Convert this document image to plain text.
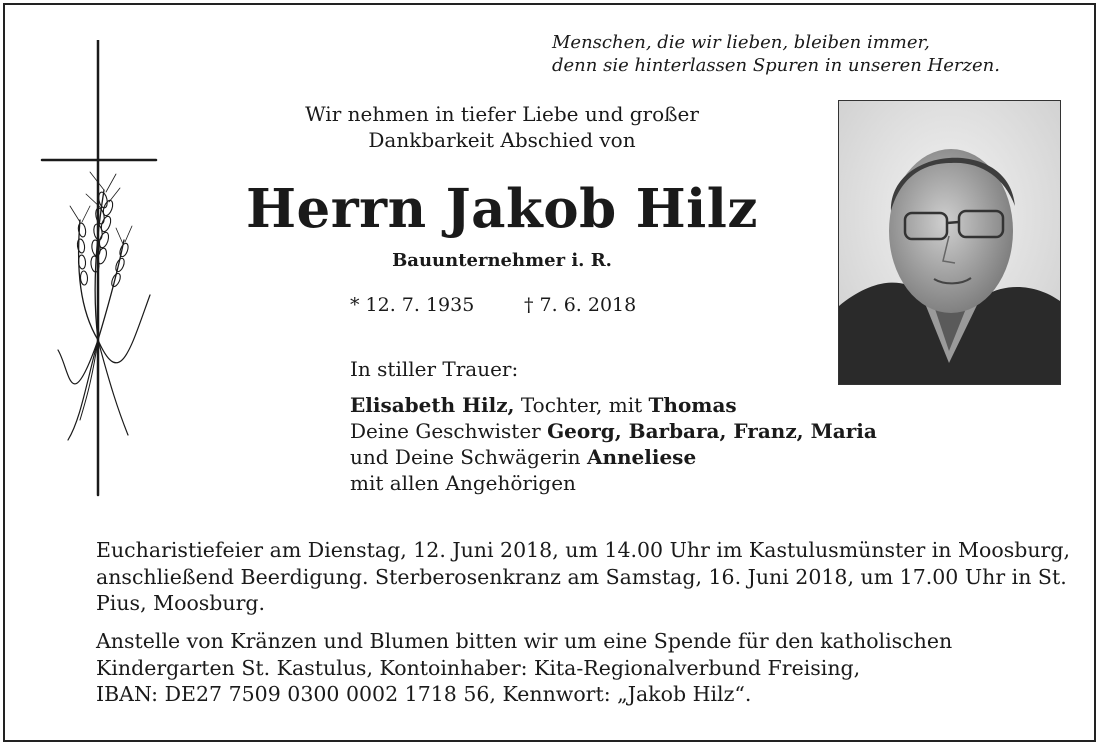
Menschen, die wir lieben, bleiben immer,
denn sie hinterlassen Spuren in unseren Herzen.
Wir nehmen in tiefer Liebe und großer
Dankbarkeit Abschied von
Herrn Jakob Hilz
Bauunternehmer i. R.
* 12. 7. 1935	† 7. 6. 2018
In stiller Trauer:
Elisabeth Hilz, Tochter, mit Thomas
Deine Geschwister Georg, Barbara, Franz, Maria
und Deine Schwägerin Anneliese
mit allen Angehörigen
Eucharistiefeier am Dienstag, 12. Juni 2018, um 14.00 Uhr im Kastulusmünster in Moosburg, anschließend Beerdigung. Sterberosenkranz am Samstag, 16. Juni 2018, um 17.00 Uhr in St. Pius, Moosburg.
Anstelle von Kränzen und Blumen bitten wir um eine Spende für den katholischen
Kindergarten St. Kastulus, Kontoinhaber: Kita-Regionalverbund Freising,
IBAN: DE27 7509 0300 0002 1718 56, Kennwort: „Jakob Hilz“.
